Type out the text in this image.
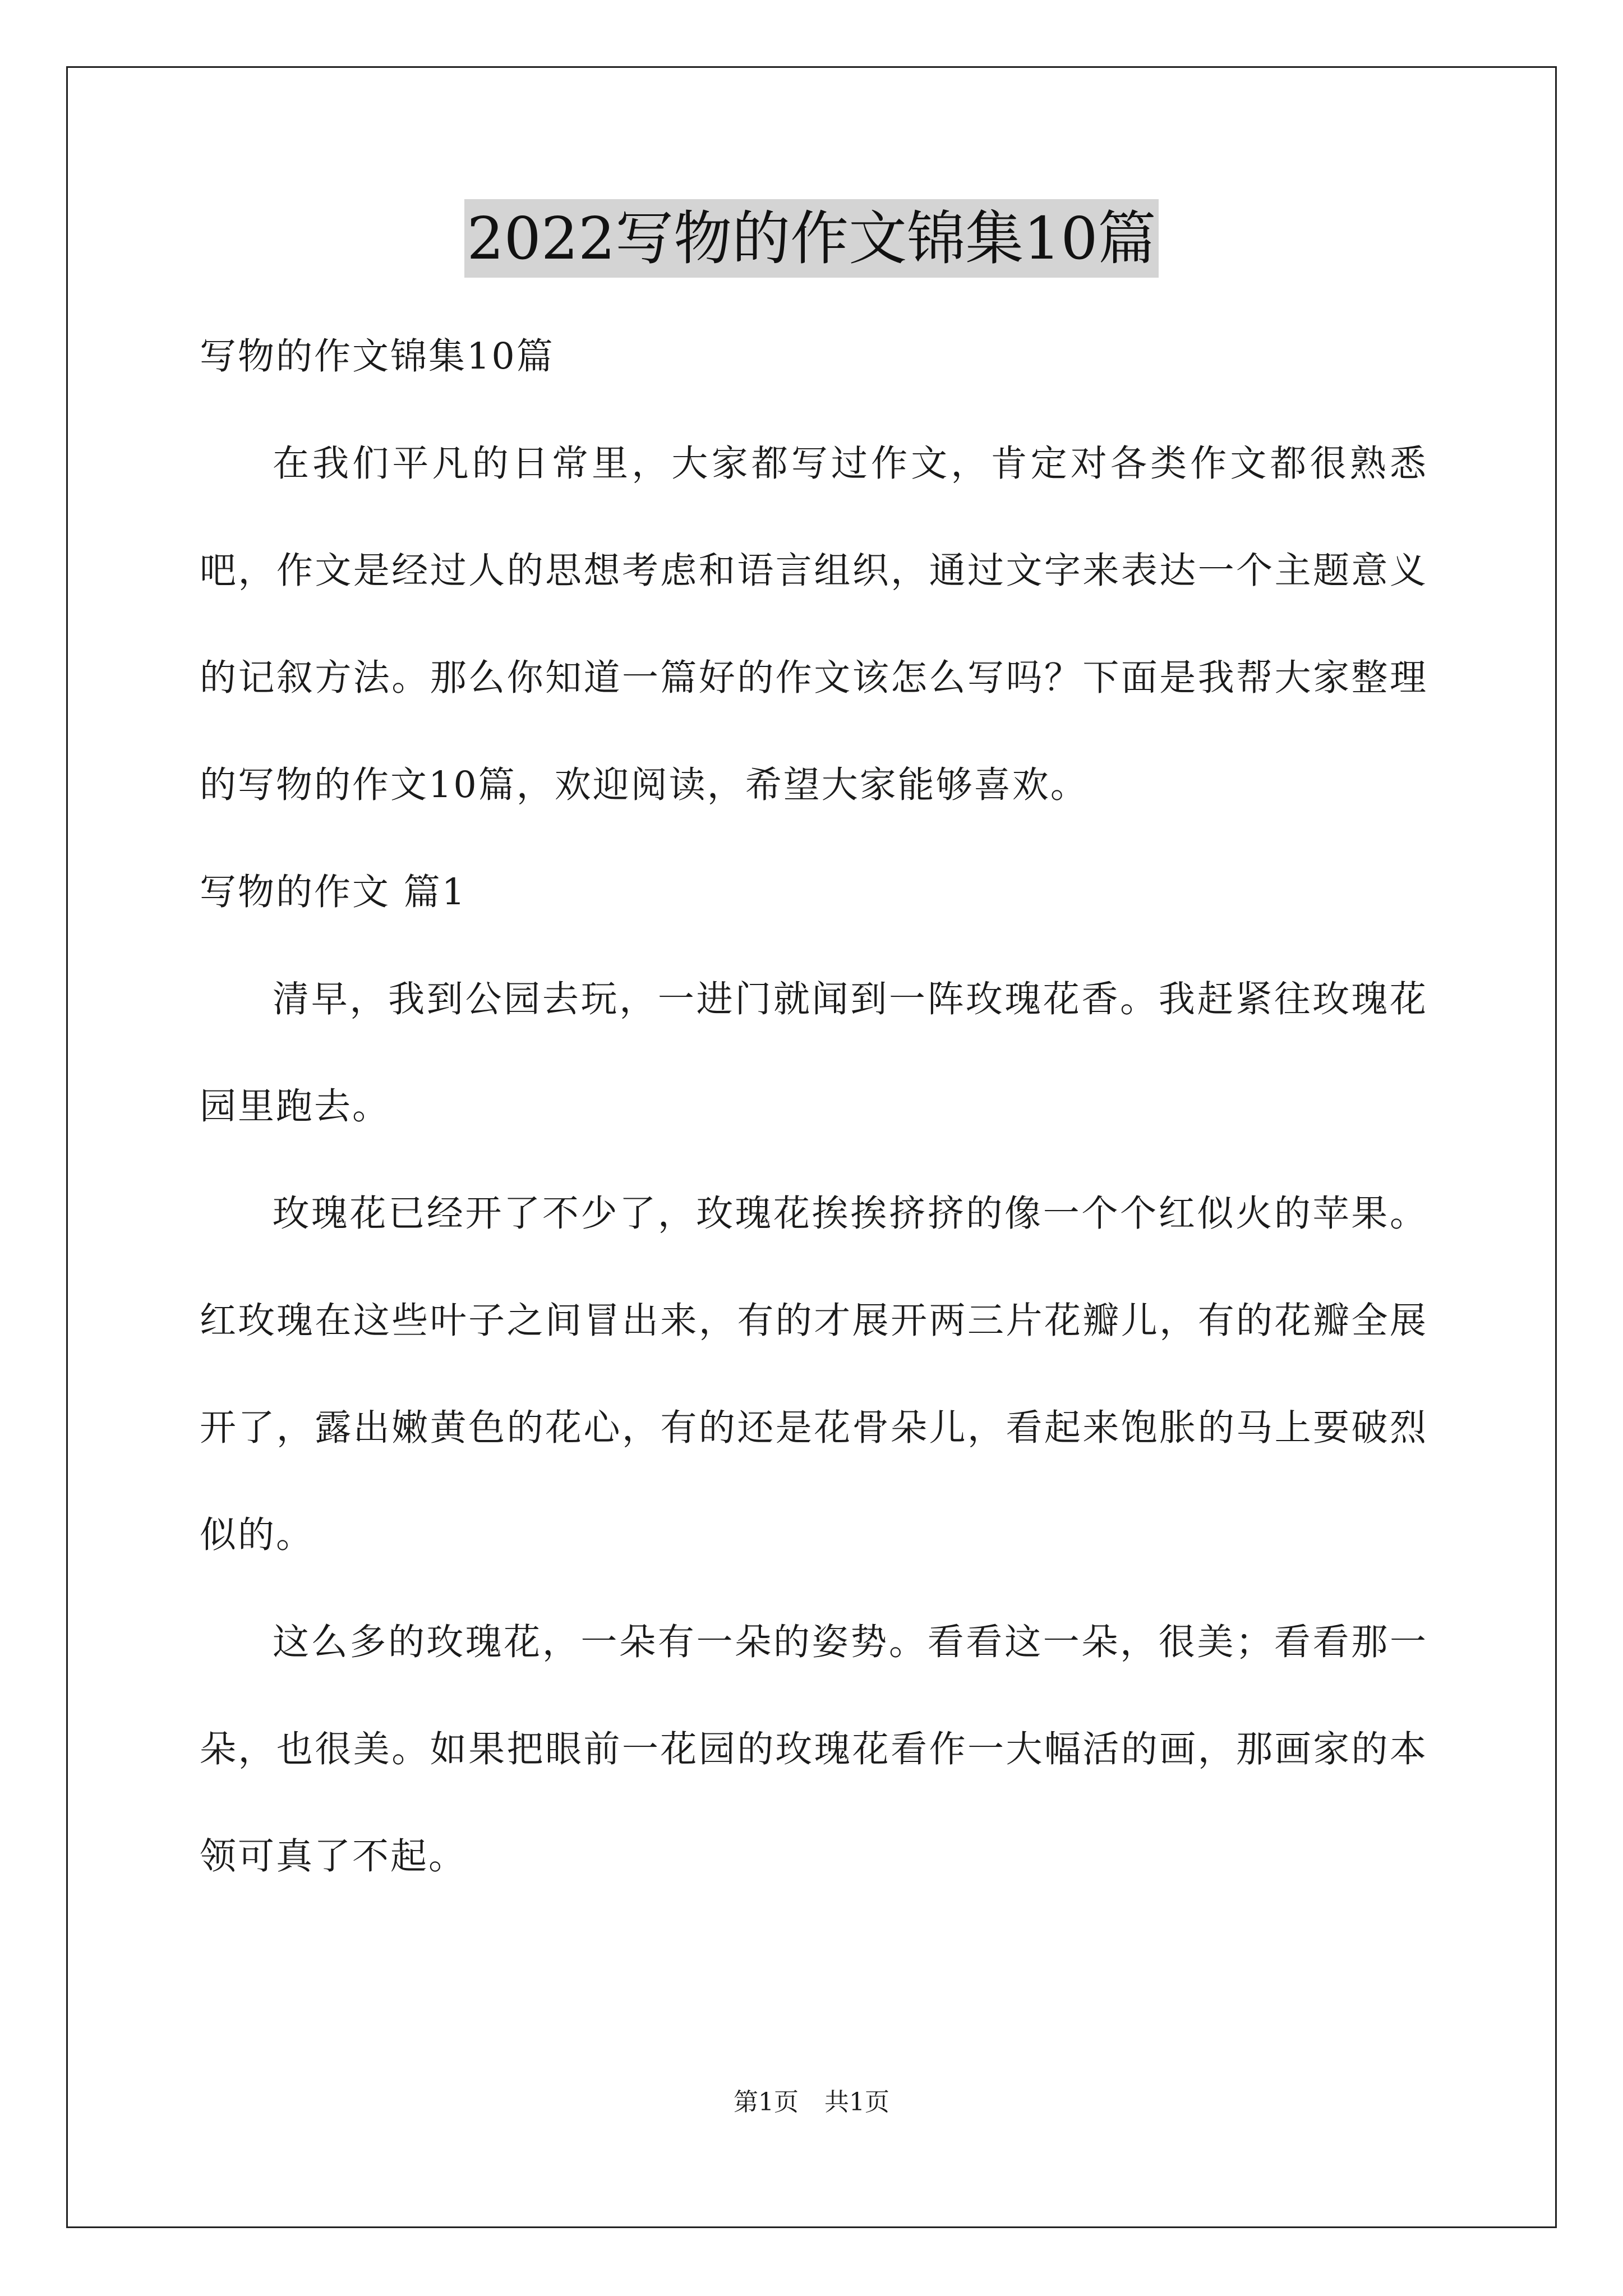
2022写物的作文锦集10篇

写物的作文锦集10篇

在我们平凡的日常里，大家都写过作文，肯定对各类作文都很熟悉吧，作文是经过人的思想考虑和语言组织，通过文字来表达一个主题意义的记叙方法。那么你知道一篇好的作文该怎么写吗？下面是我帮大家整理的写物的作文10篇，欢迎阅读，希望大家能够喜欢。

写物的作文 篇1

清早，我到公园去玩，一进门就闻到一阵玫瑰花香。我赶紧往玫瑰花园里跑去。

玫瑰花已经开了不少了，玫瑰花挨挨挤挤的像一个个红似火的苹果。红玫瑰在这些叶子之间冒出来，有的才展开两三片花瓣儿，有的花瓣全展开了，露出嫩黄色的花心，有的还是花骨朵儿，看起来饱胀的马上要破烈似的。

这么多的玫瑰花，一朵有一朵的姿势。看看这一朵，很美；看看那一朵，也很美。如果把眼前一花园的玫瑰花看作一大幅活的画，那画家的本领可真了不起。

第1页 共1页
